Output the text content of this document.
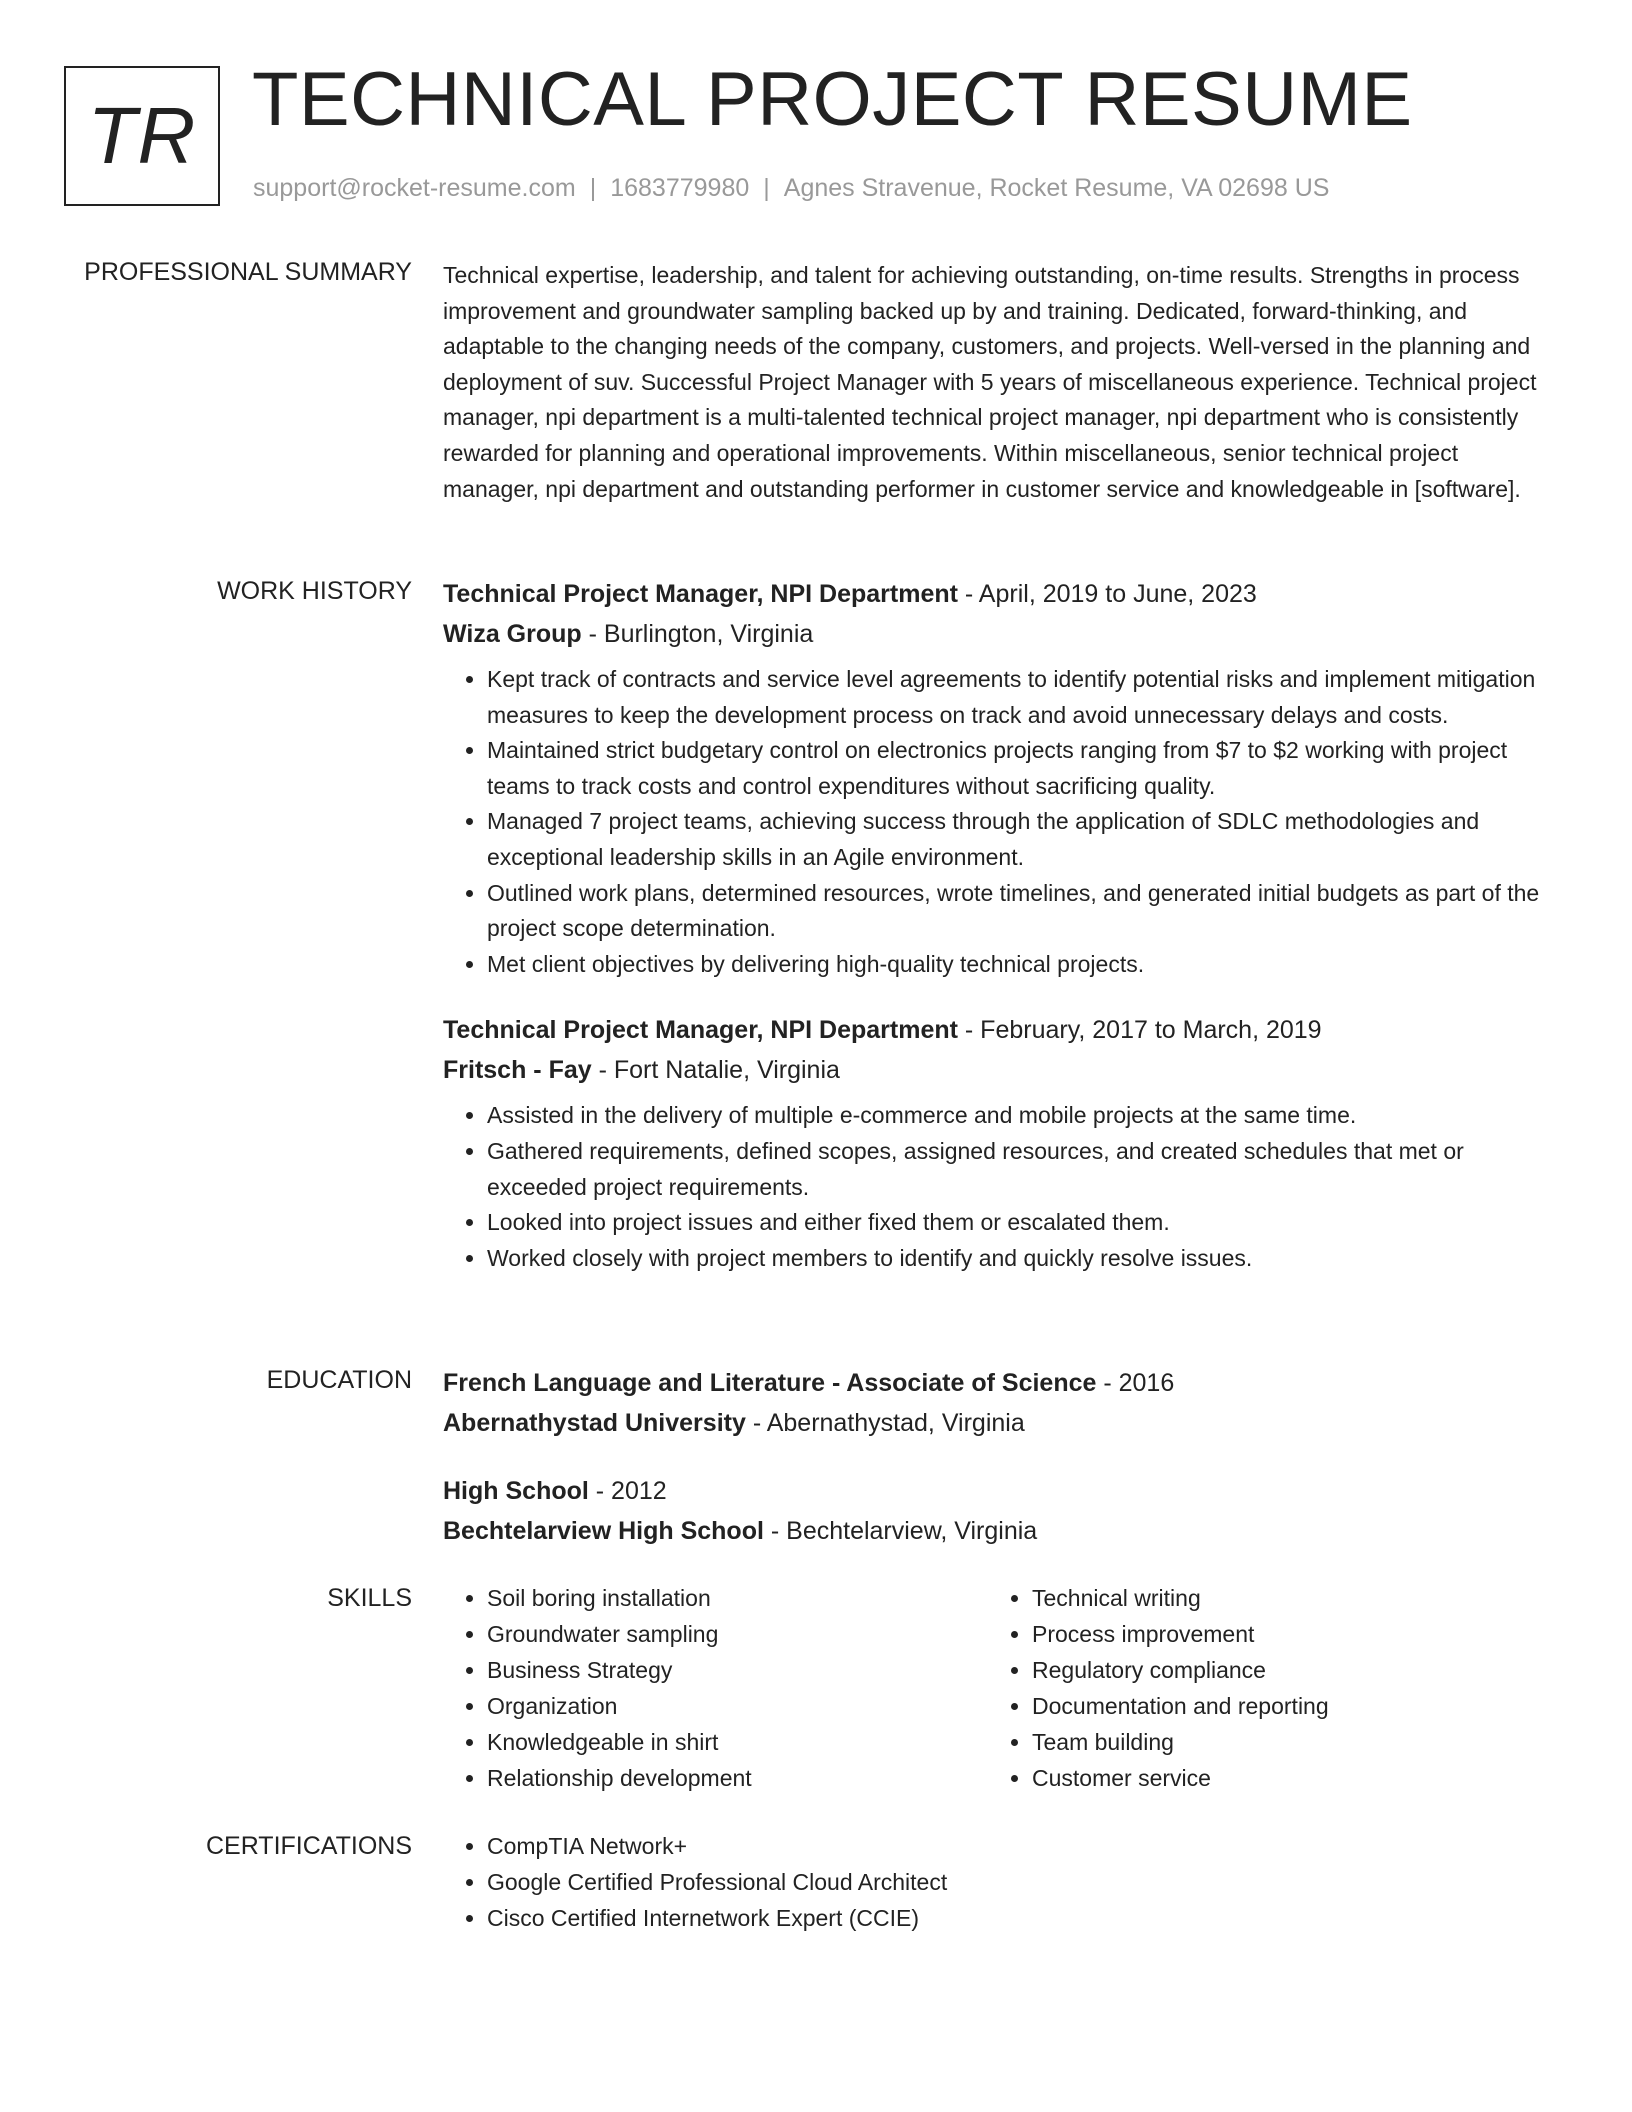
TR TECHNICAL PROJECT RESUME
support@rocket-resume.com | 1683779980 | Agnes Stravenue, Rocket Resume, VA 02698 US
PROFESSIONAL SUMMARY Technical expertise, leadership, and talent for achieving outstanding, on-time results. Strengths in process improvement and groundwater sampling backed up by and training. Dedicated, forward-thinking, and adaptable to the changing needs of the company, customers, and projects. Well-versed in the planning and deployment of suv. Successful Project Manager with 5 years of miscellaneous experience. Technical project manager, npi department is a multi-talented technical project manager, npi department who is consistently rewarded for planning and operational improvements. Within miscellaneous, senior technical project manager, npi department and outstanding performer in customer service and knowledgeable in [software].

WORK HISTORY Technical Project Manager, NPI Department - April, 2019 to June, 2023
Wiza Group - Burlington, Virginia
• Kept track of contracts and service level agreements to identify potential risks and implement mitigation measures to keep the development process on track and avoid unnecessary delays and costs.
• Maintained strict budgetary control on electronics projects ranging from $7 to $2 working with project teams to track costs and control expenditures without sacrificing quality.
• Managed 7 project teams, achieving success through the application of SDLC methodologies and exceptional leadership skills in an Agile environment.
• Outlined work plans, determined resources, wrote timelines, and generated initial budgets as part of the project scope determination.
• Met client objectives by delivering high-quality technical projects.
Technical Project Manager, NPI Department - February, 2017 to March, 2019
Fritsch - Fay - Fort Natalie, Virginia
• Assisted in the delivery of multiple e-commerce and mobile projects at the same time.
• Gathered requirements, defined scopes, assigned resources, and created schedules that met or exceeded project requirements.
• Looked into project issues and either fixed them or escalated them.
• Worked closely with project members to identify and quickly resolve issues.
EDUCATION French Language and Literature - Associate of Science - 2016
Abernathystad University - Abernathystad, Virginia
High School - 2012
Bechtelarview High School - Bechtelarview, Virginia
SKILLS	• Soil boring installation
• Groundwater sampling
• Business Strategy
• Organization
• Knowledgeable in shirt
• Relationship development
• Technical writing
• Process improvement
• Regulatory compliance
• Documentation and reporting
• Team building
• Customer service
CERTIFICATIONS	• CompTIA Network+
• Google Certified Professional Cloud Architect
• Cisco Certified Internetwork Expert (CCIE)
